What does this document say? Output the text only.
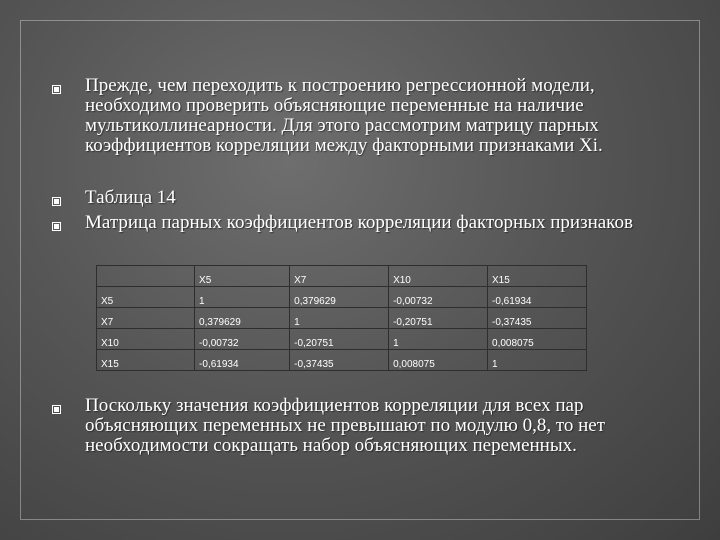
Прежде, чем переходить к построению регрессионной модели, необходимо проверить объясняющие переменные на наличие мультиколлинеарности. Для этого рассмотрим матрицу парных коэффициентов корреляции между факторными признаками Xi.
Таблица 14
Матрица парных коэффициентов корреляции факторных признаков
	X5	X7	X10	X15
X5	1	0,379629	-0,00732	-0,61934
X7	0,379629	1	-0,20751	-0,37435
X10	-0,00732	-0,20751	1	0,008075
X15	-0,61934	-0,37435	0,008075	1
Поскольку значения коэффициентов корреляции для всех пар объясняющих переменных не превышают по модулю 0,8, то нет необходимости сокращать набор объясняющих переменных.
